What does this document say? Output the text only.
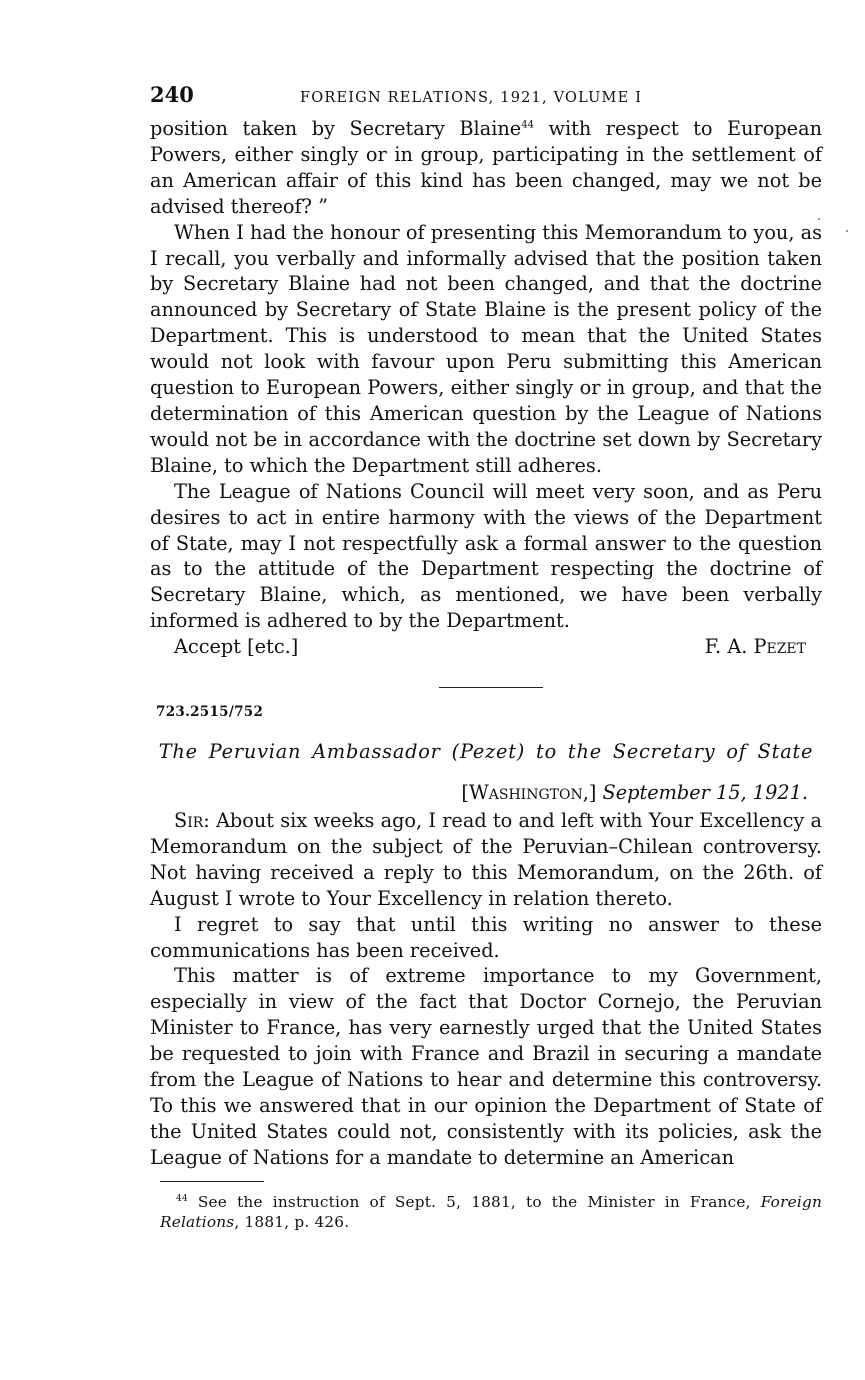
240	FOREIGN RELATIONS, 1921, VOLUME I

position taken by Secretary Blaine$^{44}$ with respect to European Powers, either singly or in group, participating in the settlement of an American affair of this kind has been changed, may we not be advised thereof? ”

When I had the honour of presenting this Memorandum to you, as I recall, you verbally and informally advised that the position taken by Secretary Blaine had not been changed, and that the doctrine announced by Secretary of State Blaine is the present policy of the Department. This is understood to mean that the United States would not look with favour upon Peru submitting this American question to European Powers, either singly or in group, and that the determination of this American question by the League of Nations would not be in accordance with the doctrine set down by Secretary Blaine, to which the Department still adheres.

The League of Nations Council will meet very soon, and as Peru desires to act in entire harmony with the views of the Department of State, may I not respectfully ask a formal answer to the question as to the attitude of the Department respecting the doctrine of Secretary Blaine, which, as mentioned, we have been verbally informed is adhered to by the Department.

Accept [etc.]	F. A. Pezet
723.2515/752
The Peruvian Ambassador (Pezet) to the Secretary of State
[Washington,] September 15, 1921.

Sir: About six weeks ago, I read to and left with Your Excellency a Memorandum on the subject of the Peruvian–Chilean controversy. Not having received a reply to this Memorandum, on the 26th. of August I wrote to Your Excellency in relation thereto.

I regret to say that until this writing no answer to these communications has been received.

This matter is of extreme importance to my Government, especially in view of the fact that Doctor Cornejo, the Peruvian Minister to France, has very earnestly urged that the United States be requested to join with France and Brazil in securing a mandate from the League of Nations to hear and determine this controversy. To this we answered that in our opinion the Department of State of the United States could not, consistently with its policies, ask the League of Nations for a mandate to determine an American

$^{44}$ See the instruction of Sept. 5, 1881, to the Minister in France, Foreign Relations, 1881, p. 426.
